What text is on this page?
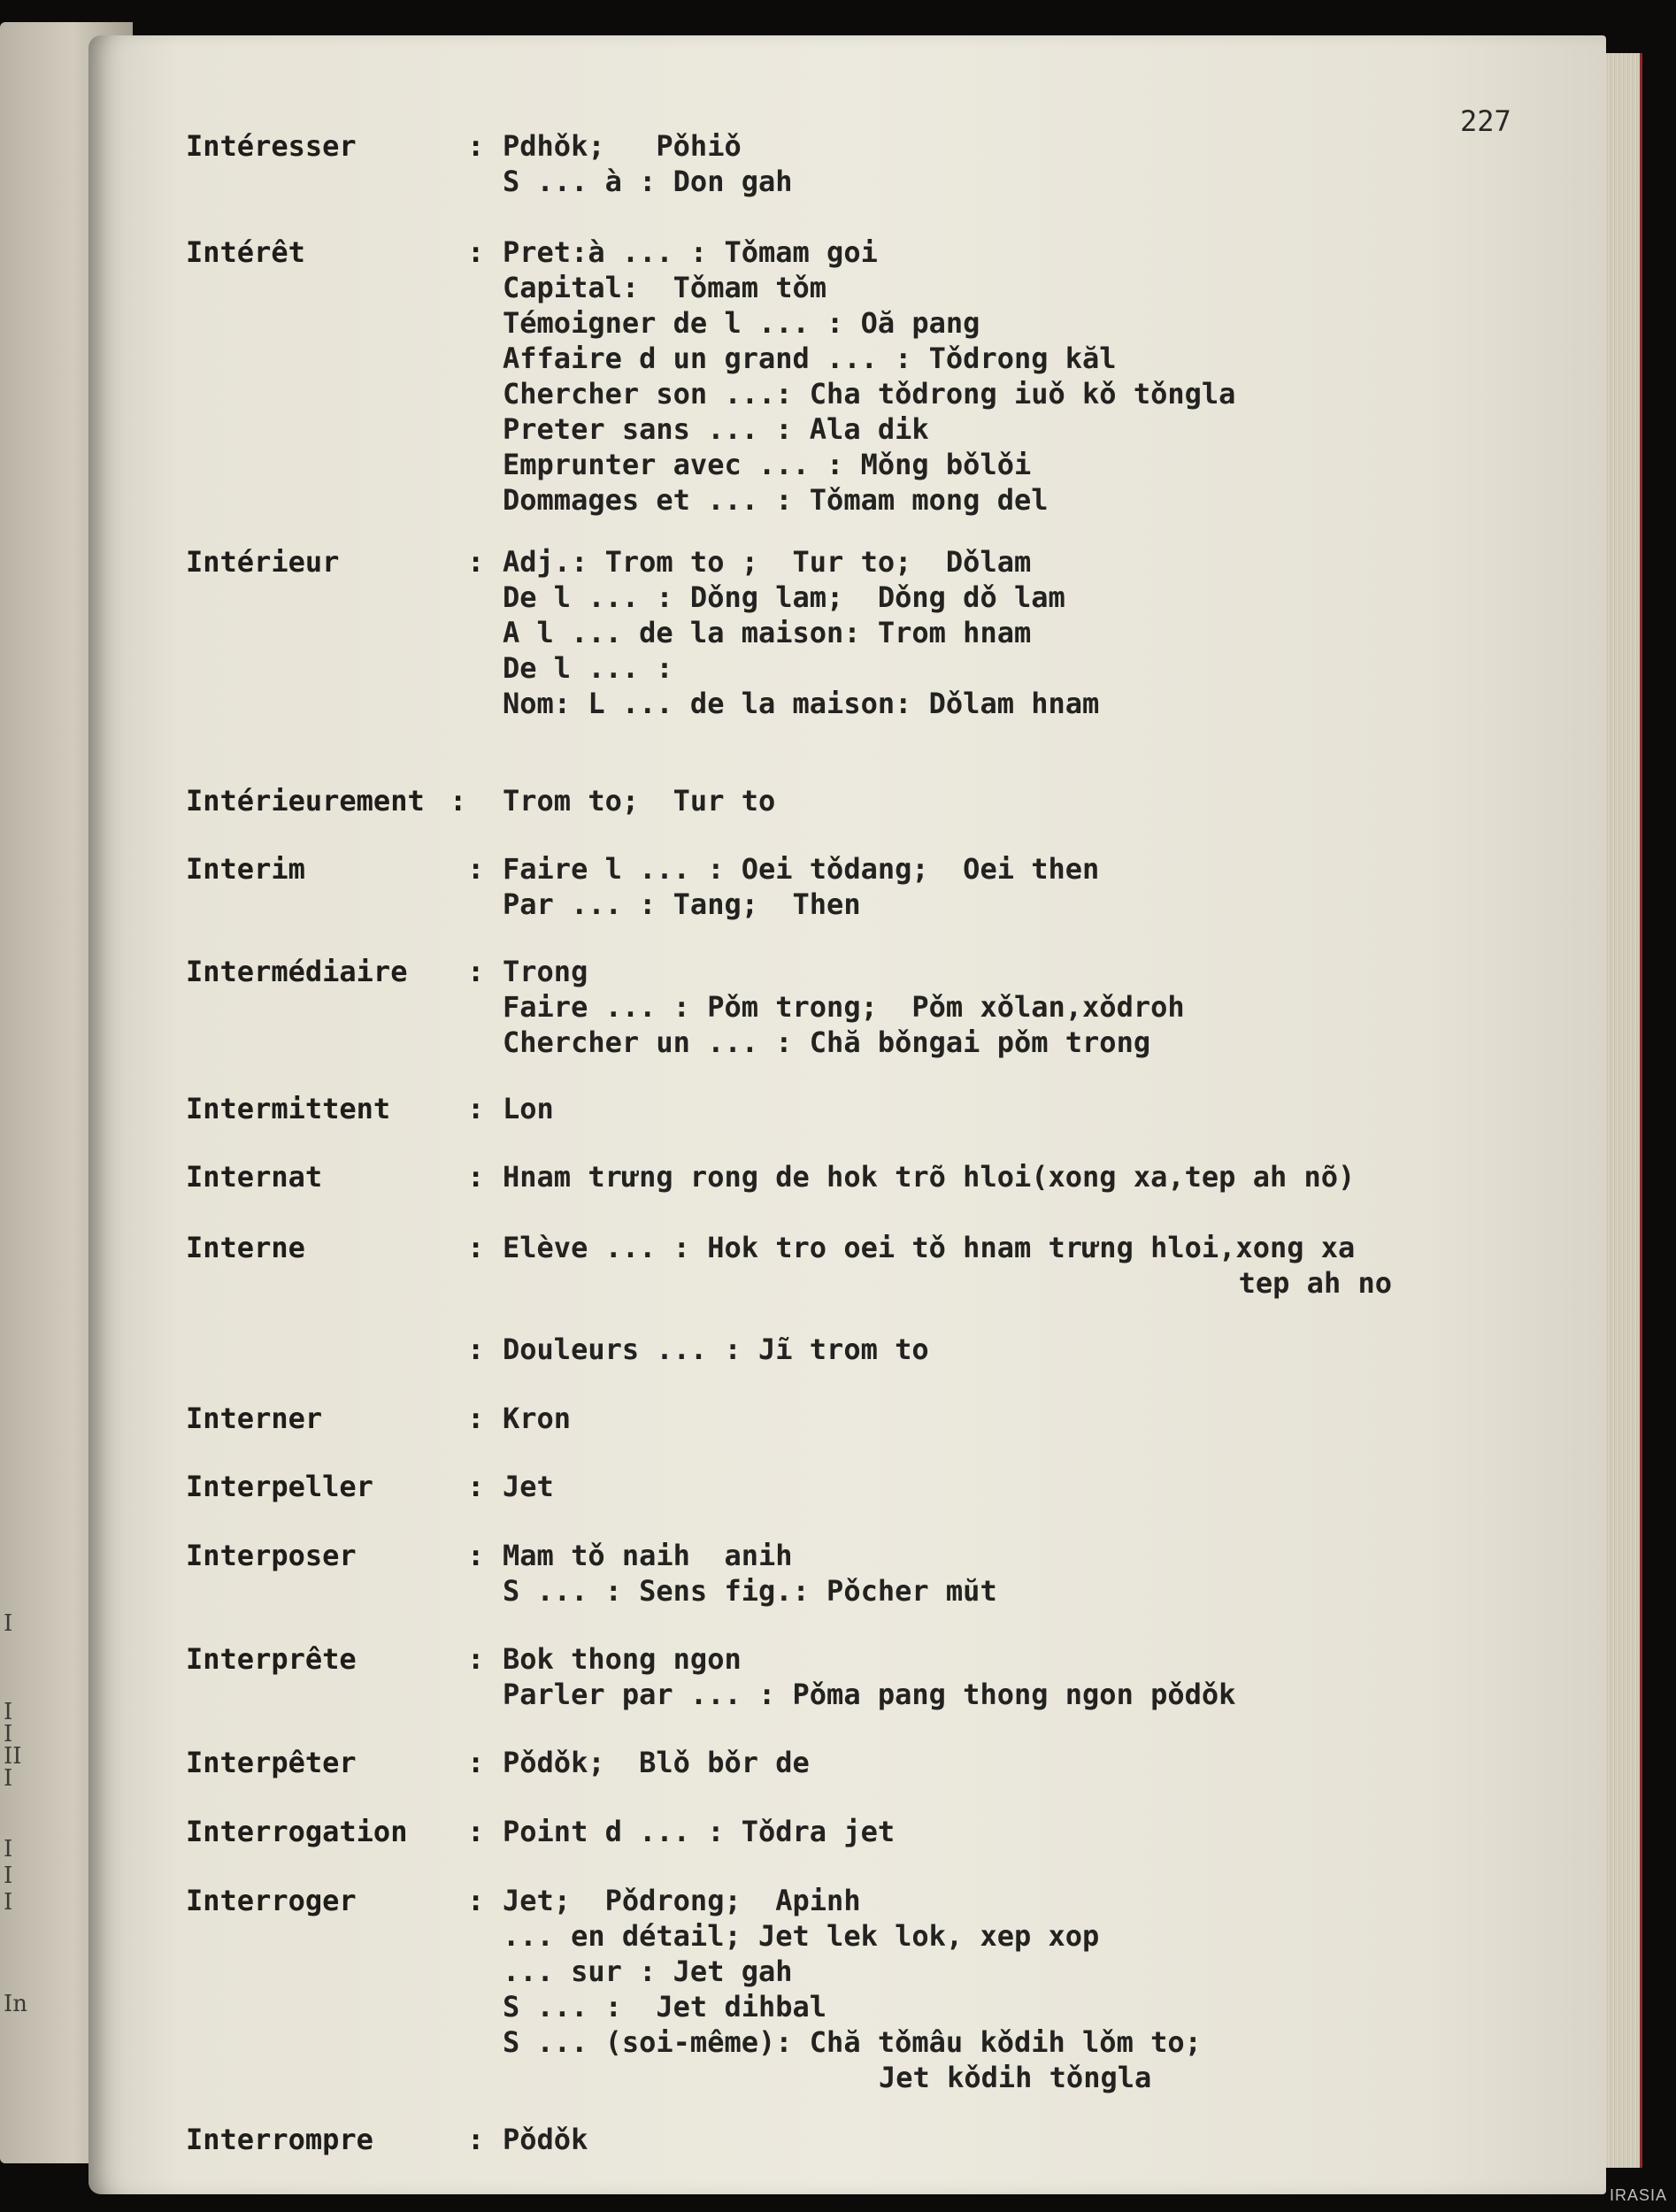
I
I
I
II
I
I
I
I
In
227
Intéresser	: Pdhǒk;   Pǒhiǒ
S ... à : Don gah
Intérêt	: Pret:à ... : Tǒmam goi
Capital:  Tǒmam tǒm
Témoigner de l ... : Oă pang
Affaire d un grand ... : Tǒdrong kăl
Chercher son ...: Cha tǒdrong iuǒ kǒ tǒngla
Preter sans ... : Ala dik
Emprunter avec ... : Mǒng bǒlǒi
Dommages et ... : Tǒmam mong del
Intérieur	: Adj.: Trom to ;  Tur to;  Dǒlam
De l ... : Dǒng lam;  Dǒng dǒ lam
A l ... de la maison: Trom hnam
De l ... :
Nom: L ... de la maison: Dǒlam hnam
Intérieurement : Trom to;  Tur to
Interim	: Faire l ... : Oei tǒdang;  Oei then
Par ... : Tang;  Then
Intermédiaire	: Trong
Faire ... : Pǒm trong;  Pǒm xǒlan,xǒdroh
Chercher un ... : Chă bǒngai pǒm trong
Intermittent	: Lon
Internat	: Hnam trưng rong de hok trõ hloi(xong xa,tep ah nõ)
Interne	: Elève ... : Hok tro oei tǒ hnam trưng hloi,xong xa
tep ah no
: Douleurs ... : Jĩ trom to
Interner	: Kron
Interpeller	: Jet
Interposer	: Mam tǒ naih  anih
S ... : Sens fig.: Pǒcher mŭt
Interprête	: Bok thong ngon
Parler par ... : Pǒma pang thong ngon pǒdǒk
Interpêter	: Pǒdǒk;  Blǒ bǒr de
Interrogation	: Point d ... : Tǒdra jet
Interroger	: Jet;  Pǒdrong;  Apinh
... en détail; Jet lek lok, xep xop
... sur : Jet gah
S ... :  Jet dihbal
S ... (soi-même): Chă tǒmâu kǒdih lǒm to;
Jet kǒdih tǒngla
Interrompre	: Pǒdǒk
IRASIA
